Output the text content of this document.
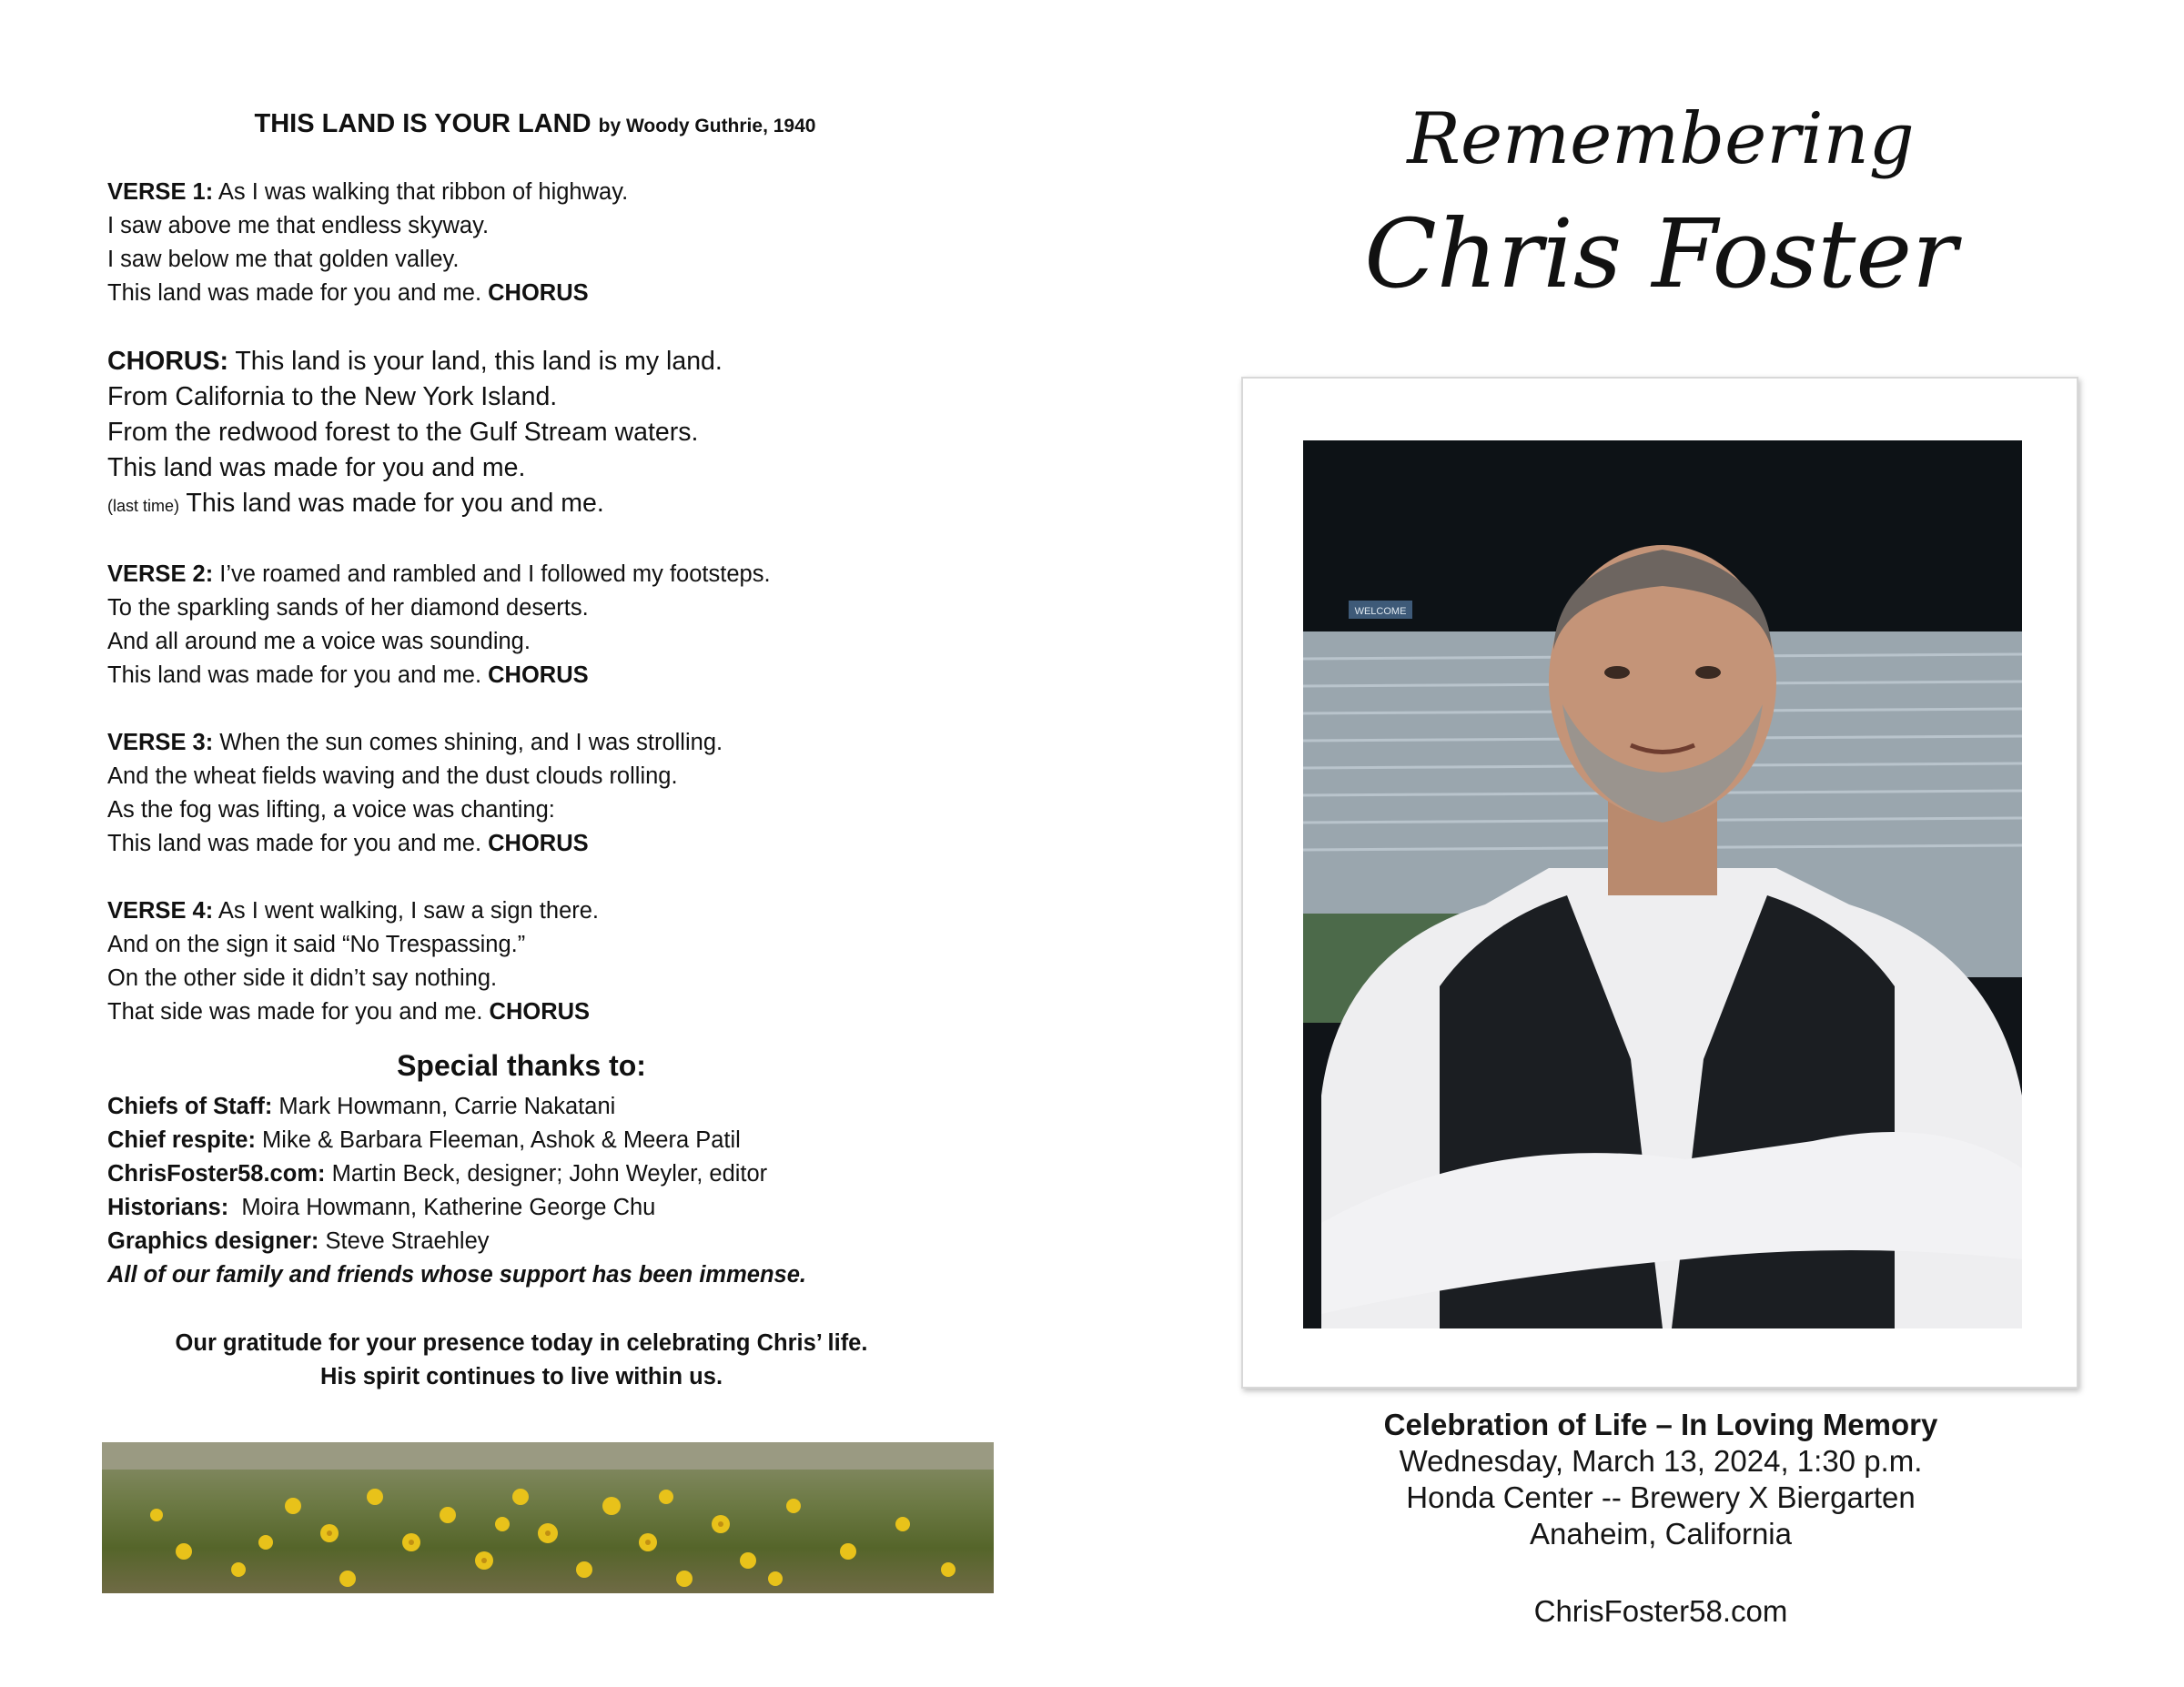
THIS LAND IS YOUR LAND by Woody Guthrie, 1940
VERSE 1: As I was walking that ribbon of highway.
I saw above me that endless skyway.
I saw below me that golden valley.
This land was made for you and me. CHORUS
CHORUS: This land is your land, this land is my land.
From California to the New York Island.
From the redwood forest to the Gulf Stream waters.
This land was made for you and me.
(last time) This land was made for you and me.
VERSE 2: I’ve roamed and rambled and I followed my footsteps.
To the sparkling sands of her diamond deserts.
And all around me a voice was sounding.
This land was made for you and me. CHORUS
VERSE 3: When the sun comes shining, and I was strolling.
And the wheat fields waving and the dust clouds rolling.
As the fog was lifting, a voice was chanting:
This land was made for you and me. CHORUS
VERSE 4: As I went walking, I saw a sign there.
And on the sign it said “No Trespassing.”
On the other side it didn’t say nothing.
That side was made for you and me. CHORUS
Special thanks to:
Chiefs of Staff: Mark Howmann, Carrie Nakatani
Chief respite: Mike & Barbara Fleeman, Ashok & Meera Patil
ChrisFoster58.com: Martin Beck, designer; John Weyler, editor
Historians:  Moira Howmann, Katherine George Chu
Graphics designer: Steve Straehley
All of our family and friends whose support has been immense.
Our gratitude for your presence today in celebrating Chris’ life.
His spirit continues to live within us.
Remembering
Chris Foster
WELCOME
Celebration of Life – In Loving Memory
Wednesday, March 13, 2024, 1:30 p.m.
Honda Center -- Brewery X Biergarten
Anaheim, California
ChrisFoster58.com
